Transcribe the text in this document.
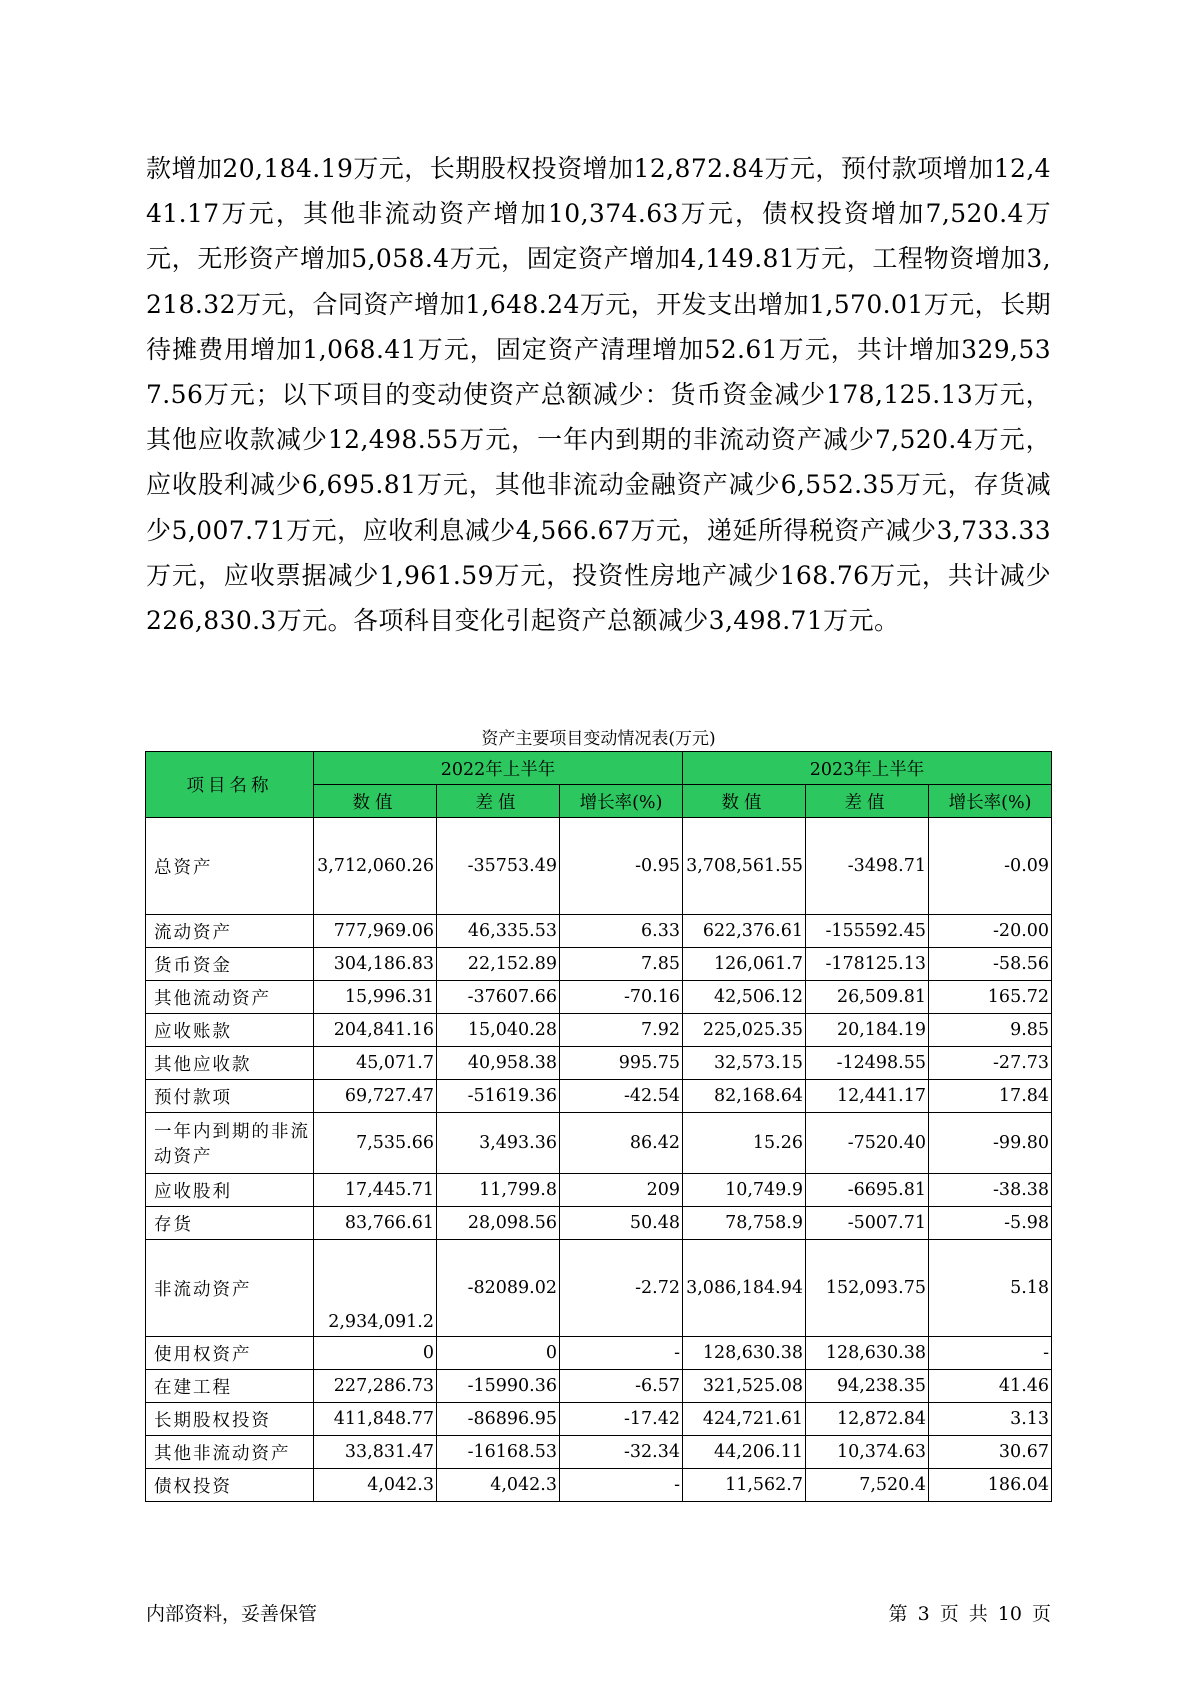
款增加20,184.19万元，长期股权投资增加12,872.84万元，预付款项增加12,441.17万元，其他非流动资产增加10,374.63万元，债权投资增加7,520.4万元，无形资产增加5,058.4万元，固定资产增加4,149.81万元，工程物资增加3,218.32万元，合同资产增加1,648.24万元，开发支出增加1,570.01万元，长期待摊费用增加1,068.41万元，固定资产清理增加52.61万元，共计增加329,537.56万元；以下项目的变动使资产总额减少：货币资金减少178,125.13万元，其他应收款减少12,498.55万元，一年内到期的非流动资产减少7,520.4万元，应收股利减少6,695.81万元，其他非流动金融资产减少6,552.35万元，存货减少5,007.71万元，应收利息减少4,566.67万元，递延所得税资产减少3,733.33万元，应收票据减少1,961.59万元，投资性房地产减少168.76万元，共计减少226,830.3万元。各项科目变化引起资产总额减少3,498.71万元。
资产主要项目变动情况表(万元)
项目名称	2022年上半年			2023年上半年		
	数值	差值	增长率(%)	数值	差值	增长率(%)
总资产	3,712,060.26	-35753.49	-0.95	3,708,561.55	-3498.71	-0.09
流动资产	777,969.06	46,335.53	6.33	622,376.61	-155592.45	-20.00
货币资金	304,186.83	22,152.89	7.85	126,061.7	-178125.13	-58.56
其他流动资产	15,996.31	-37607.66	-70.16	42,506.12	26,509.81	165.72
应收账款	204,841.16	15,040.28	7.92	225,025.35	20,184.19	9.85
其他应收款	45,071.7	40,958.38	995.75	32,573.15	-12498.55	-27.73
预付款项	69,727.47	-51619.36	-42.54	82,168.64	12,441.17	17.84
一年内到期的非流动资产	7,535.66	3,493.36	86.42	15.26	-7520.40	-99.80
应收股利	17,445.71	11,799.8	209	10,749.9	-6695.81	-38.38
存货	83,766.61	28,098.56	50.48	78,758.9	-5007.71	-5.98
非流动资产	2,934,091.2	-82089.02	-2.72	3,086,184.94	152,093.75	5.18
使用权资产	0	0	-	128,630.38	128,630.38	-
在建工程	227,286.73	-15990.36	-6.57	321,525.08	94,238.35	41.46
长期股权投资	411,848.77	-86896.95	-17.42	424,721.61	12,872.84	3.13
其他非流动资产	33,831.47	-16168.53	-32.34	44,206.11	10,374.63	30.67
债权投资	4,042.3	4,042.3	-	11,562.7	7,520.4	186.04
内部资料，妥善保管	第 3 页 共 10 页
